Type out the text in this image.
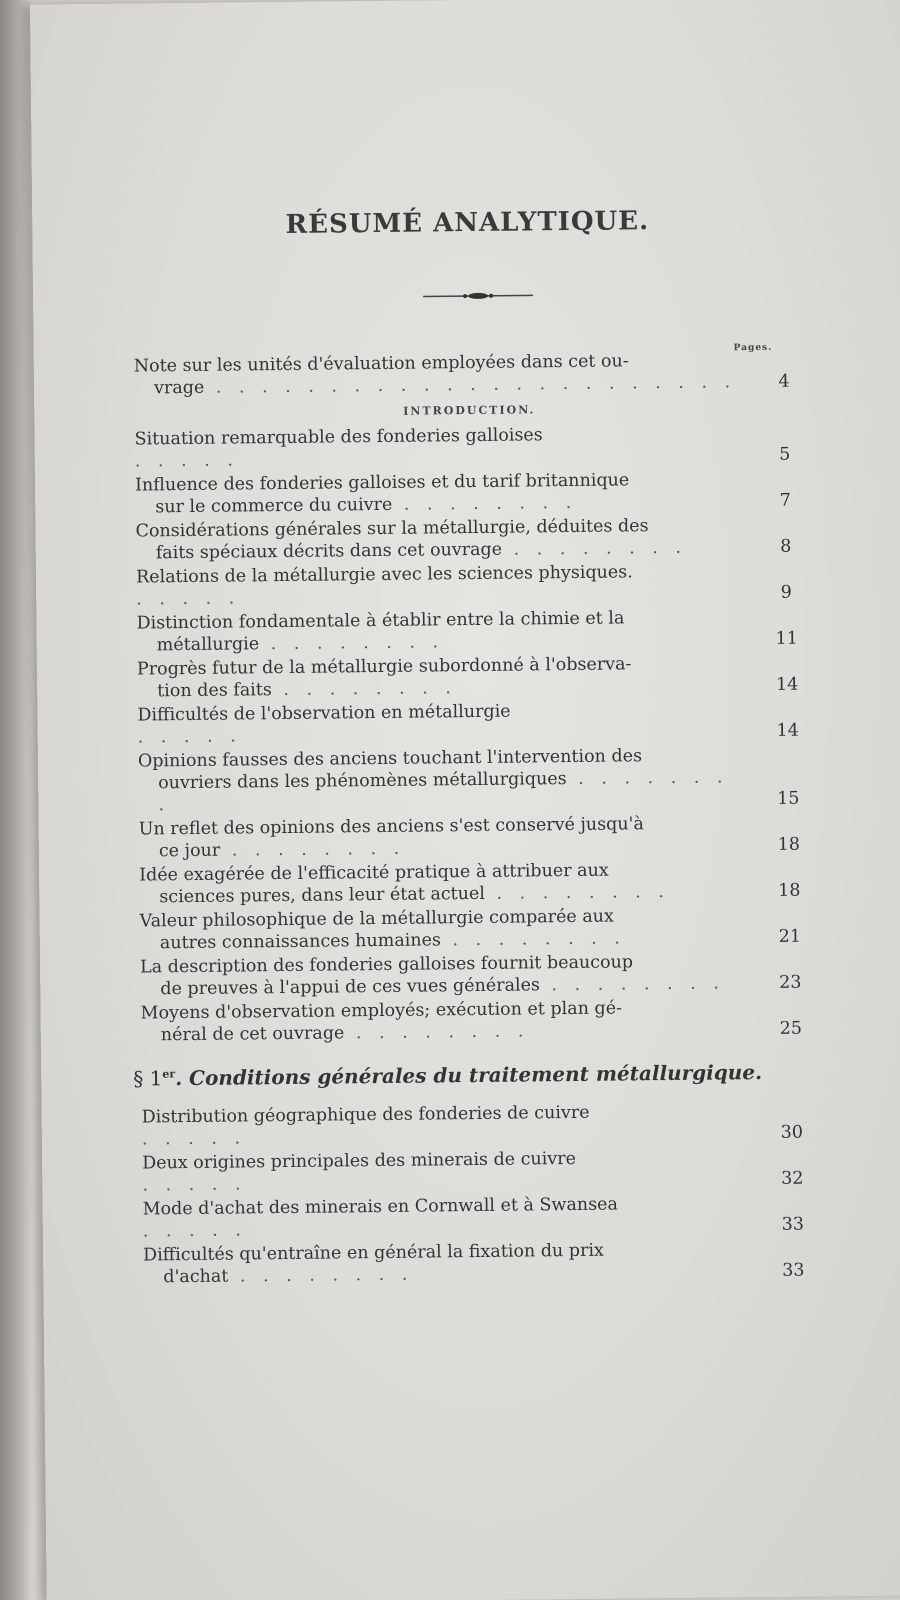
RÉSUMÉ ANALYTIQUE.
Pages.
Note sur les unités d'évaluation employées dans cet ou-
vrage . . . . . . . . . . . . . . . . . . . . . . .	4
INTRODUCTION.
Situation remarquable des fonderies galloises
. . . . .	5
Influence des fonderies galloises et du tarif britannique
sur le commerce du cuivre . . . . . . . .	7
Considérations générales sur la métallurgie, déduites des
faits spéciaux décrits dans cet ouvrage . . . . . . . .	8
Relations de la métallurgie avec les sciences physiques.
. . . . .	9
Distinction fondamentale à établir entre la chimie et la
métallurgie . . . . . . . .	11
Progrès futur de la métallurgie subordonné à l'observa-
tion des faits . . . . . . . .	14
Difficultés de l'observation en métallurgie
. . . . .	14
Opinions fausses des anciens touchant l'intervention des
ouvriers dans les phénomènes métallurgiques . . . . . . . .	15
Un reflet des opinions des anciens s'est conservé jusqu'à
ce jour . . . . . . . .	18
Idée exagérée de l'efficacité pratique à attribuer aux
sciences pures, dans leur état actuel . . . . . . . .	18
Valeur philosophique de la métallurgie comparée aux
autres connaissances humaines . . . . . . . .	21
La description des fonderies galloises fournit beaucoup
de preuves à l'appui de ces vues générales . . . . . . . .	23
Moyens d'observation employés; exécution et plan gé-
néral de cet ouvrage . . . . . . . .	25
§ 1er. Conditions générales du traitement métallurgique.
Distribution géographique des fonderies de cuivre
. . . . .	30
Deux origines principales des minerais de cuivre
. . . . .	32
Mode d'achat des minerais en Cornwall et à Swansea
. . . . .	33
Difficultés qu'entraîne en général la fixation du prix
d'achat . . . . . . . .	33
